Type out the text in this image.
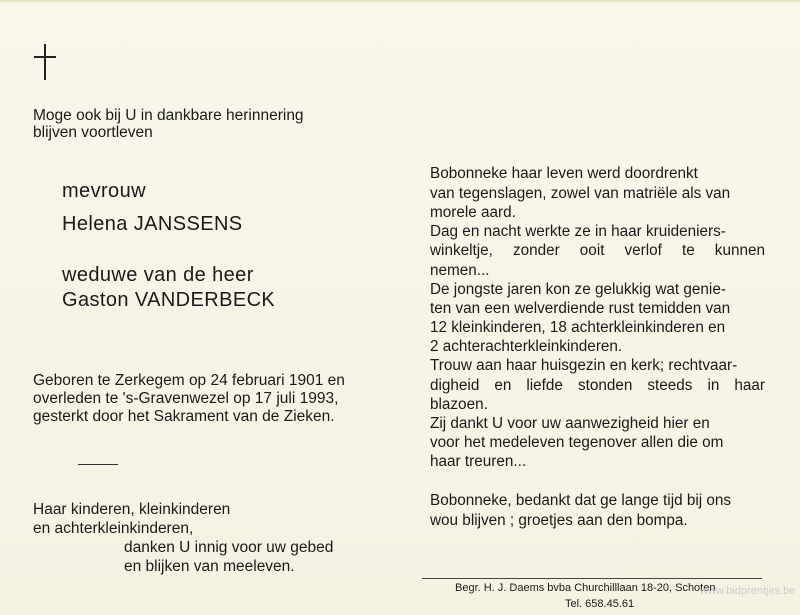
Moge ook bij U in dankbare herinnering
blijven voortleven
mevrouw
Helena JANSSENS
weduwe van de heer
Gaston VANDERBECK
Geboren te Zerkegem op 24 februari 1901 en
overleden te 's-Gravenwezel op 17 juli 1993,
gesterkt door het Sakrament van de Zieken.
Haar kinderen, kleinkinderen
en achterkleinkinderen,
danken U innig voor uw gebed
en blijken van meeleven.
Bobonneke haar leven werd doordrenkt
van tegenslagen, zowel van matriële als van
morele aard.
Dag en nacht werkte ze in haar kruideniers-
winkeltje, zonder ooit verlof te kunnen
nemen...
De jongste jaren kon ze gelukkig wat genie-
ten van een welverdiende rust temidden van
12 kleinkinderen, 18 achterkleinkinderen en
2 achterachterkleinkinderen.
Trouw aan haar huisgezin en kerk; rechtvaar-
digheid en liefde stonden steeds in haar
blazoen.
Zij dankt U voor uw aanwezigheid hier en
voor het medeleven tegenover allen die om
haar treuren...
Bobonneke, bedankt dat ge lange tijd bij ons
wou blijven ; groetjes aan den bompa.
Begr. H. J. Daems bvba Churchilllaan 18-20, Schoten
Tel. 658.45.61
www.bidprentjes.be
